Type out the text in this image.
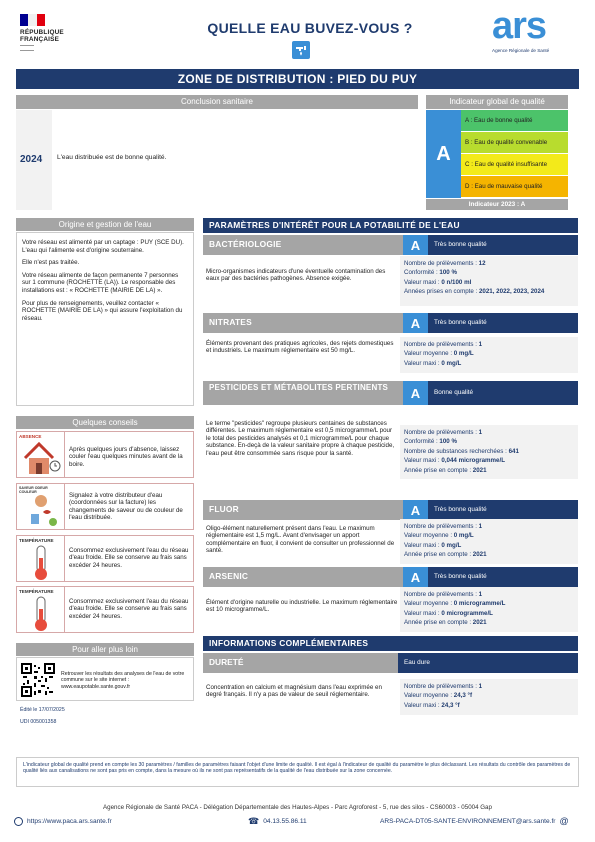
RÉPUBLIQUE
FRANÇAISE
QUELLE EAU BUVEZ-VOUS ?	ars
Agence Régionale de Santé
ZONE DE DISTRIBUTION : PIED DU PUY
Conclusion sanitaire
2024 L'eau distribuée est de bonne qualité.
Indicateur global de qualité
A
A : Eau de bonne qualité
B : Eau de qualité convenable
C : Eau de qualité insuffisante
D : Eau de mauvaise qualité
Indicateur 2023 : A
Origine et gestion de l'eau
Votre réseau est alimenté par un captage : PUY (SCE DU). L'eau qui l'alimente est d'origine souterraine.
Elle n'est pas traitée.
Votre réseau alimente de façon permanente 7 personnes sur 1 commune (ROCHETTE (LA)). Le responsable des installations est : « ROCHETTE (MAIRIE DE LA) ».
Pour plus de renseignements, veuillez contacter « ROCHETTE (MAIRIE DE LA) » qui assure l'exploitation du réseau.
Quelques conseils
ABSENCE
Après quelques jours d'absence, laissez couler l'eau quelques minutes avant de la boire.
SAVEUR ODEUR COULEUR	Signalez à votre distributeur d'eau (coordonnées sur la facture) les changements de saveur ou de couleur de l'eau distribuée.
TEMPÉRATURE
Consommez exclusivement l'eau du réseau d'eau froide. Elle se conserve au frais sans excéder 24 heures.
TEMPÉRATURE
Consommez exclusivement l'eau du réseau d'eau froide. Elle se conserve au frais sans excéder 24 heures.
Pour aller plus loin
Retrouver les résultats des analyses de l'eau de votre commune sur le site internet : www.eaupotable.sante.gouv.fr
Édité le 17/07/2025
UDI 005001358
PARAMÈTRES D'INTÉRÊT POUR LA POTABILITÉ DE L'EAU
BACTÉRIOLOGIE	A	Très bonne qualité
Micro-organismes indicateurs d'une éventuelle contamination des eaux par des bactéries pathogènes. Absence exigée.
Nombre de prélèvements : 12
Conformité : 100 %
Valeur maxi : 0 n/100 ml
Années prises en compte : 2021, 2022, 2023, 2024
NITRATES	A	Très bonne qualité
Éléments provenant des pratiques agricoles, des rejets domestiques et industriels. Le maximum réglementaire est 50 mg/L.
Nombre de prélèvements : 1
Valeur moyenne : 0 mg/L
Valeur maxi : 0 mg/L
PESTICIDES ET MÉTABOLITES PERTINENTS	A	Bonne qualité
Le terme "pesticides" regroupe plusieurs centaines de substances différentes. Le maximum réglementaire est 0,5 microgramme/L pour le total des pesticides analysés et 0,1 microgramme/L pour chaque substance. En-deçà de la valeur sanitaire propre à chaque pesticide, l'eau peut être consommée sans risque pour la santé.
Nombre de prélèvements : 1
Conformité : 100 %
Nombre de substances recherchées : 641
Valeur maxi : 0,044 microgramme/L
Année prise en compte : 2021
FLUOR	A	Très bonne qualité
Oligo-élément naturellement présent dans l'eau. Le maximum réglementaire est 1,5 mg/L. Avant d'envisager un apport complémentaire en fluor, il convient de consulter un professionnel de santé.
Nombre de prélèvements : 1
Valeur moyenne : 0 mg/L
Valeur maxi : 0 mg/L
Année prise en compte : 2021
ARSENIC	A	Très bonne qualité
Élément d'origine naturelle ou industrielle. Le maximum réglementaire est 10 microgramme/L.
Nombre de prélèvements : 1
Valeur moyenne : 0 microgramme/L
Valeur maxi : 0 microgramme/L
Année prise en compte : 2021
INFORMATIONS COMPLÉMENTAIRES
DURETÉ	Eau dure
Concentration en calcium et magnésium dans l'eau exprimée en degré français. Il n'y a pas de valeur de seuil réglementaire.
Nombre de prélèvements : 1
Valeur moyenne : 24,3 °f
Valeur maxi : 24,3 °f
L'indicateur global de qualité prend en compte les 30 paramètres / familles de paramètres faisant l'objet d'une limite de qualité. Il est égal à l'indicateur de qualité du paramètre le plus déclassant. Les résultats du contrôle des paramètres de qualité liés aux canalisations ne sont pas pris en compte, dans la mesure où ils ne sont pas représentatifs de la qualité de l'eau distribuée sur la zone concernée.
Agence Régionale de Santé PACA - Délégation Départementale des Hautes-Alpes - Parc Agroforest - 5, rue des silos - CS60003 - 05004 Gap
https://www.paca.ars.sante.fr	☎ 04.13.55.86.11	ARS-PACA-DT05-SANTE-ENVIRONNEMENT@ars.sante.fr @
